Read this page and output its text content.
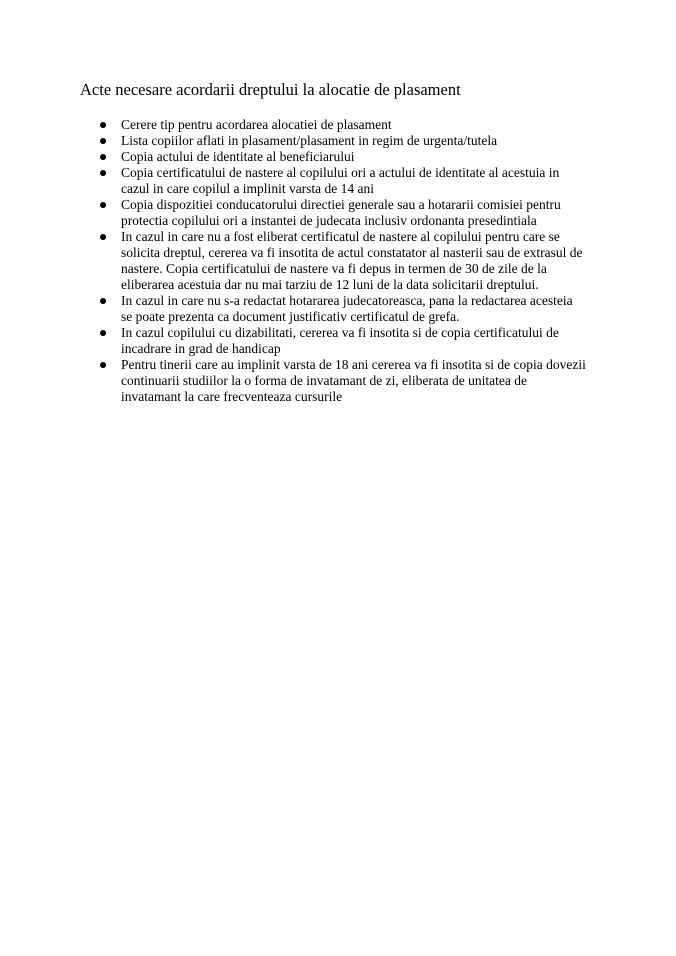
Acte necesare acordarii dreptului la alocatie de plasament
Cerere tip pentru acordarea alocatiei de plasament
Lista copiilor aflati in plasament/plasament in regim de urgenta/tutela
Copia actului de identitate al beneficiarului
Copia certificatului de nastere al copilului ori a actului de identitate al acestuia in cazul in care copilul a implinit varsta de 14 ani
Copia dispozitiei conducatorului directiei generale sau a hotararii comisiei pentru protectia copilului ori a instantei de judecata inclusiv ordonanta presedintiala
In cazul in care nu a fost eliberat certificatul de nastere al copilului pentru care se solicita dreptul, cererea va fi insotita de actul constatator al nasterii sau de extrasul de nastere. Copia certificatului de nastere va fi depus in termen de 30 de zile de la eliberarea acestuia dar nu mai tarziu de 12 luni de la data solicitarii dreptului.
In cazul in care nu s-a redactat hotararea judecatoreasca, pana la redactarea acesteia se poate prezenta ca document justificativ certificatul de grefa.
In cazul copilului cu dizabilitati, cererea va fi insotita si de copia certificatului de incadrare in grad de handicap
Pentru tinerii care au implinit varsta de 18 ani cererea va fi insotita si de copia dovezii continuarii studiilor la o forma de invatamant de zi, eliberata de unitatea de invatamant la care frecventeaza cursurile
